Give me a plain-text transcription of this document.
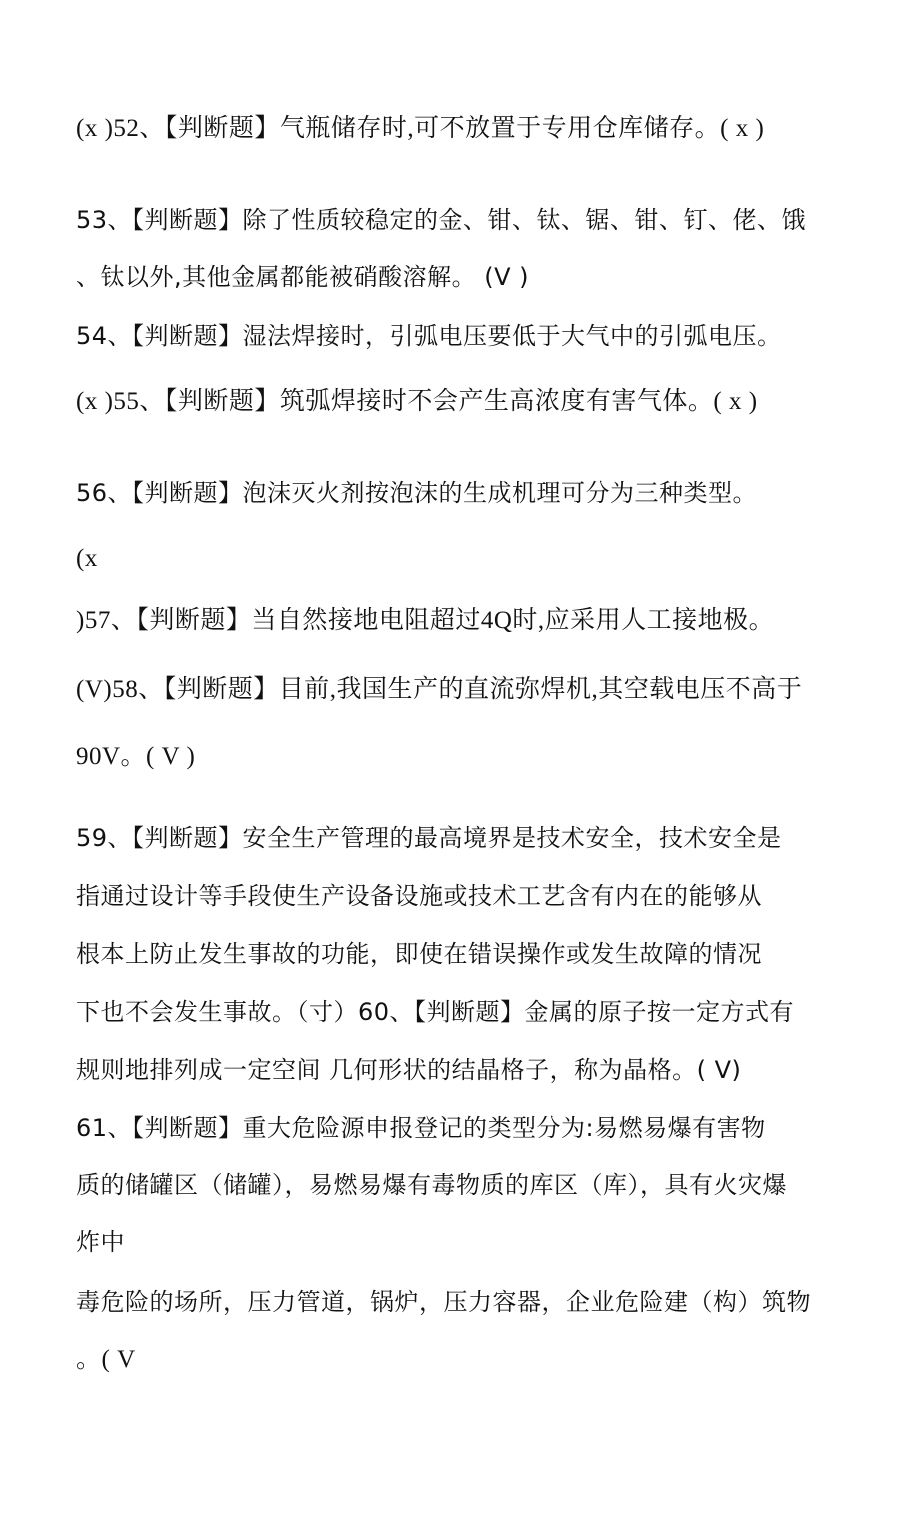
(x )52、【判断题】气瓶储存时,可不放置于专用仓库储存。( x )
53、【判断题】除了性质较稳定的金、钳、钛、锯、钳、钉、佬、饿
、钛以外,其他金属都能被硝酸溶解。 (V )
54、【判断题】湿法焊接时，引弧电压要低于大气中的引弧电压。
(x )55、【判断题】筑弧焊接时不会产生高浓度有害气体。( x )
56、【判断题】泡沫灭火剂按泡沫的生成机理可分为三种类型。
(x
)57、【判断题】当自然接地电阻超过4Q时,应采用人工接地极。
(V)58、【判断题】目前,我国生产的直流弥焊机,其空载电压不高于
90V。( V )
59、【判断题】安全生产管理的最高境界是技术安全，技术安全是
指通过设计等手段使生产设备设施或技术工艺含有内在的能够从
根本上防止发生事故的功能，即使在错误操作或发生故障的情况
下也不会发生事故。（寸）60、【判断题】金属的原子按一定方式有
规则地排列成一定空间 几何形状的结晶格子，称为晶格。( V)
61、【判断题】重大危险源申报登记的类型分为:易燃易爆有害物
质的储罐区（储罐），易燃易爆有毒物质的库区（库），具有火灾爆
炸中
毒危险的场所，压力管道，锅炉，压力容器，企业危险建（构）筑物
。( V
